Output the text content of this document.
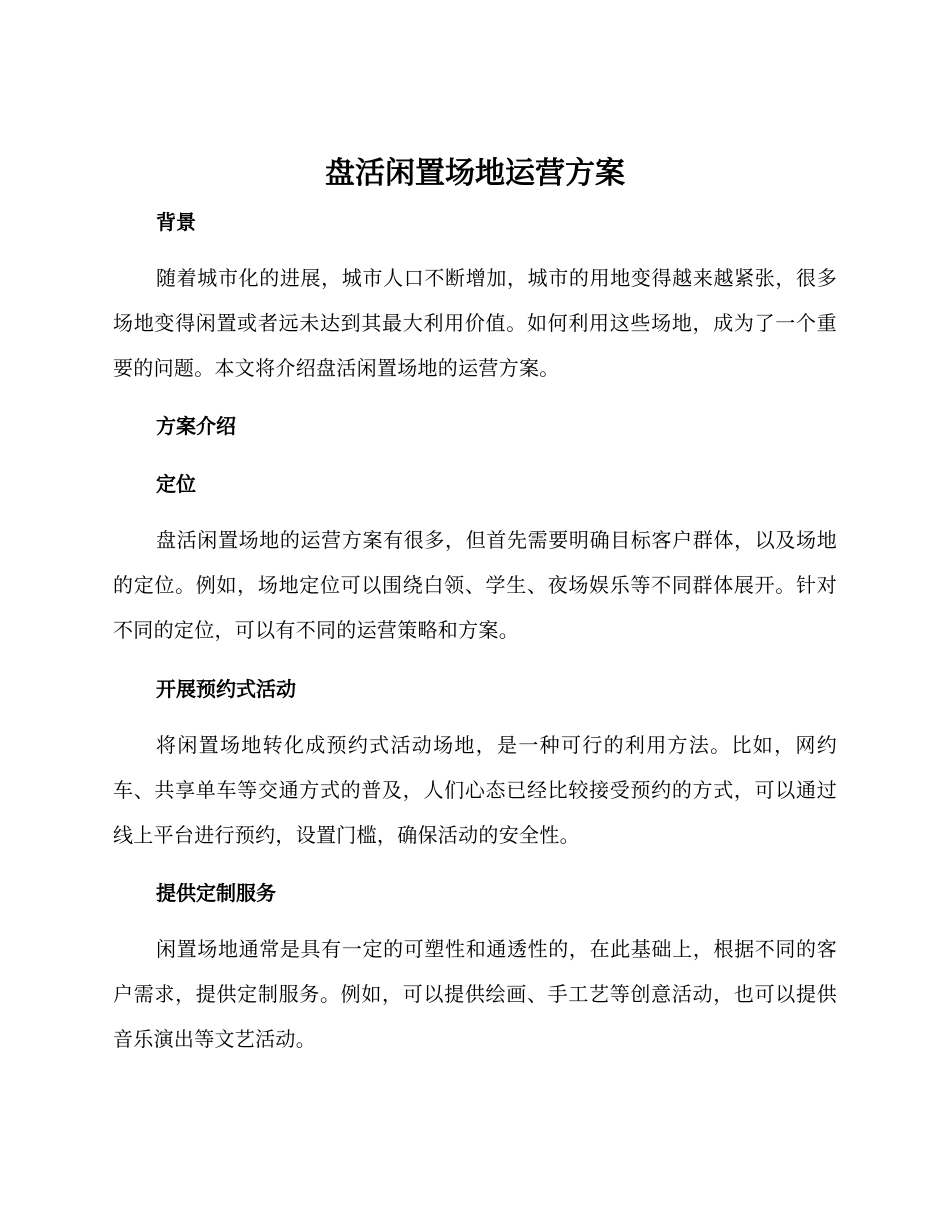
盘活闲置场地运营方案
背景

随着城市化的进展，城市人口不断增加，城市的用地变得越来越紧张，很多场地变得闲置或者远未达到其最大利用价值。如何利用这些场地，成为了一个重要的问题。本文将介绍盘活闲置场地的运营方案。

方案介绍
定位

盘活闲置场地的运营方案有很多，但首先需要明确目标客户群体，以及场地的定位。例如，场地定位可以围绕白领、学生、夜场娱乐等不同群体展开。针对不同的定位，可以有不同的运营策略和方案。

开展预约式活动

将闲置场地转化成预约式活动场地，是一种可行的利用方法。比如，网约车、共享单车等交通方式的普及，人们心态已经比较接受预约的方式，可以通过线上平台进行预约，设置门槛，确保活动的安全性。

提供定制服务

闲置场地通常是具有一定的可塑性和通透性的，在此基础上，根据不同的客户需求，提供定制服务。例如，可以提供绘画、手工艺等创意活动，也可以提供音乐演出等文艺活动。
